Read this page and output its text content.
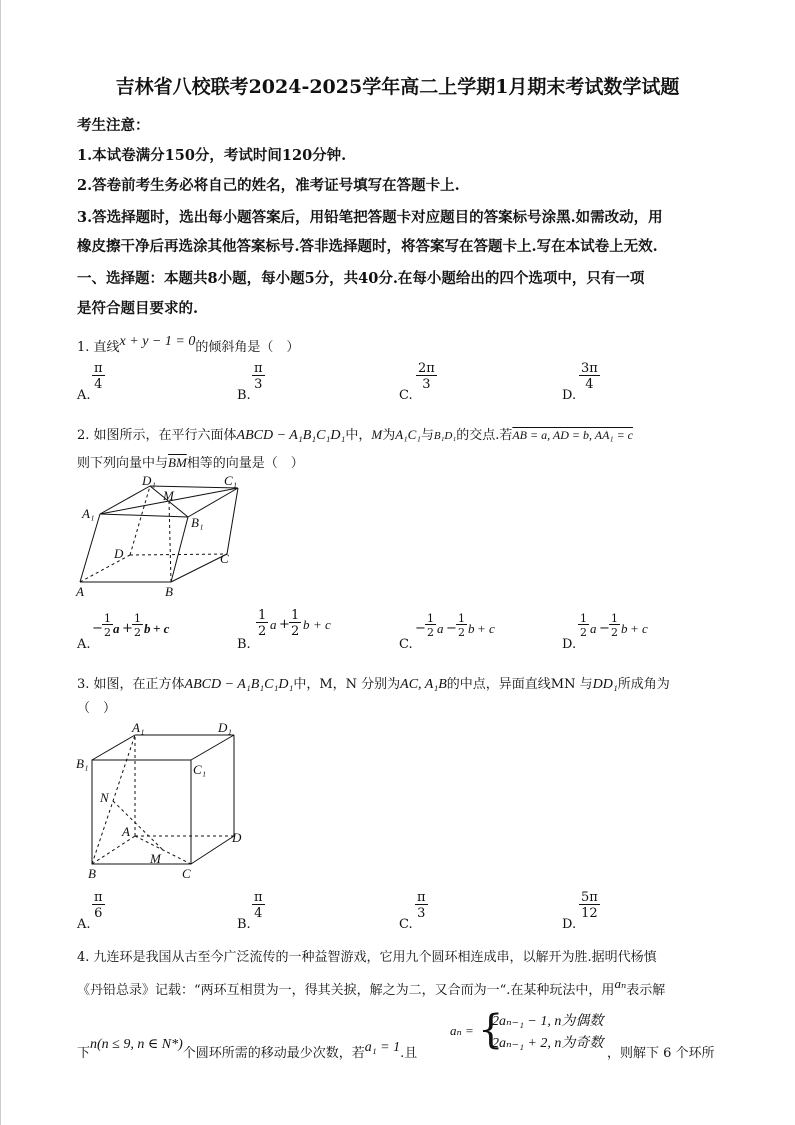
吉林省八校联考2024-2025学年高二上学期1月期末考试数学试题
考生注意：
1.本试卷满分150分，考试时间120分钟.
2.答卷前考生务必将自己的姓名，准考证号填写在答题卡上.
3.答选择题时，选出每小题答案后，用铅笔把答题卡对应题目的答案标号涂黑.如需改动，用
橡皮擦干净后再选涂其他答案标号.答非选择题时，将答案写在答题卡上.写在本试卷上无效.
一、选择题：本题共8小题，每小题5分，共40分.在每小题给出的四个选项中，只有一项
是符合题目要求的.
1. 直线x + y − 1 = 0的倾斜角是（　）
A.
$\frac{\pi}{4}$
B.
$\frac{\pi}{3}$
C.
$\frac{2\pi}{3}$
D.
$\frac{3\pi}{4}$
2. 如图所示，在平行六面体ABCD − A₁B₁C₁D₁中，M为A₁C₁与B₁D₁的交点.若AB = a, AD = b, AA₁ = c
则下列向量中与$\overline{BM}$相等的向量是（　）
D₁
M
C₁
A₁
B₁
D	C
A	B
A.
− $\frac{1}{2}$ $a + \frac{1}{2}$ b + c
B.
$\frac{1}{2}$ $a + \frac{1}{2}$ b + c
C.
− $\frac{1}{2}$ $a - \frac{1}{2}$ b + c
D.
$\frac{1}{2}$ $a - \frac{1}{2}$ b + c
3. 如图，在正方体ABCD − A₁B₁C₁D₁中，M，N 分别为AC, A₁B的中点，异面直线MN 与DD₁所成角为
（　）
A₁	D₁
B₁	C₁
N
A	D
M
B	C
A.
$\frac{\pi}{6}$
B.
$\frac{\pi}{4}$
C.
$\frac{\pi}{3}$
D.
$\frac{5\pi}{12}$
4. 九连环是我国从古至今广泛流传的一种益智游戏，它用九个圆环相连成串，以解开为胜.据明代杨慎
《丹铅总录》记载：“两环互相贯为一，得其关捩，解之为二，又合而为一“.在某种玩法中，用aₙ表示解
下n(n ≤ 9, n ∈ N*)个圆环所需的移动最少次数，若a₁ = 1.且
aₙ = {
2aₙ₋₁ − 1, n为偶数
2aₙ₋₁ + 2, n为奇数
，则解下 6 个环所
